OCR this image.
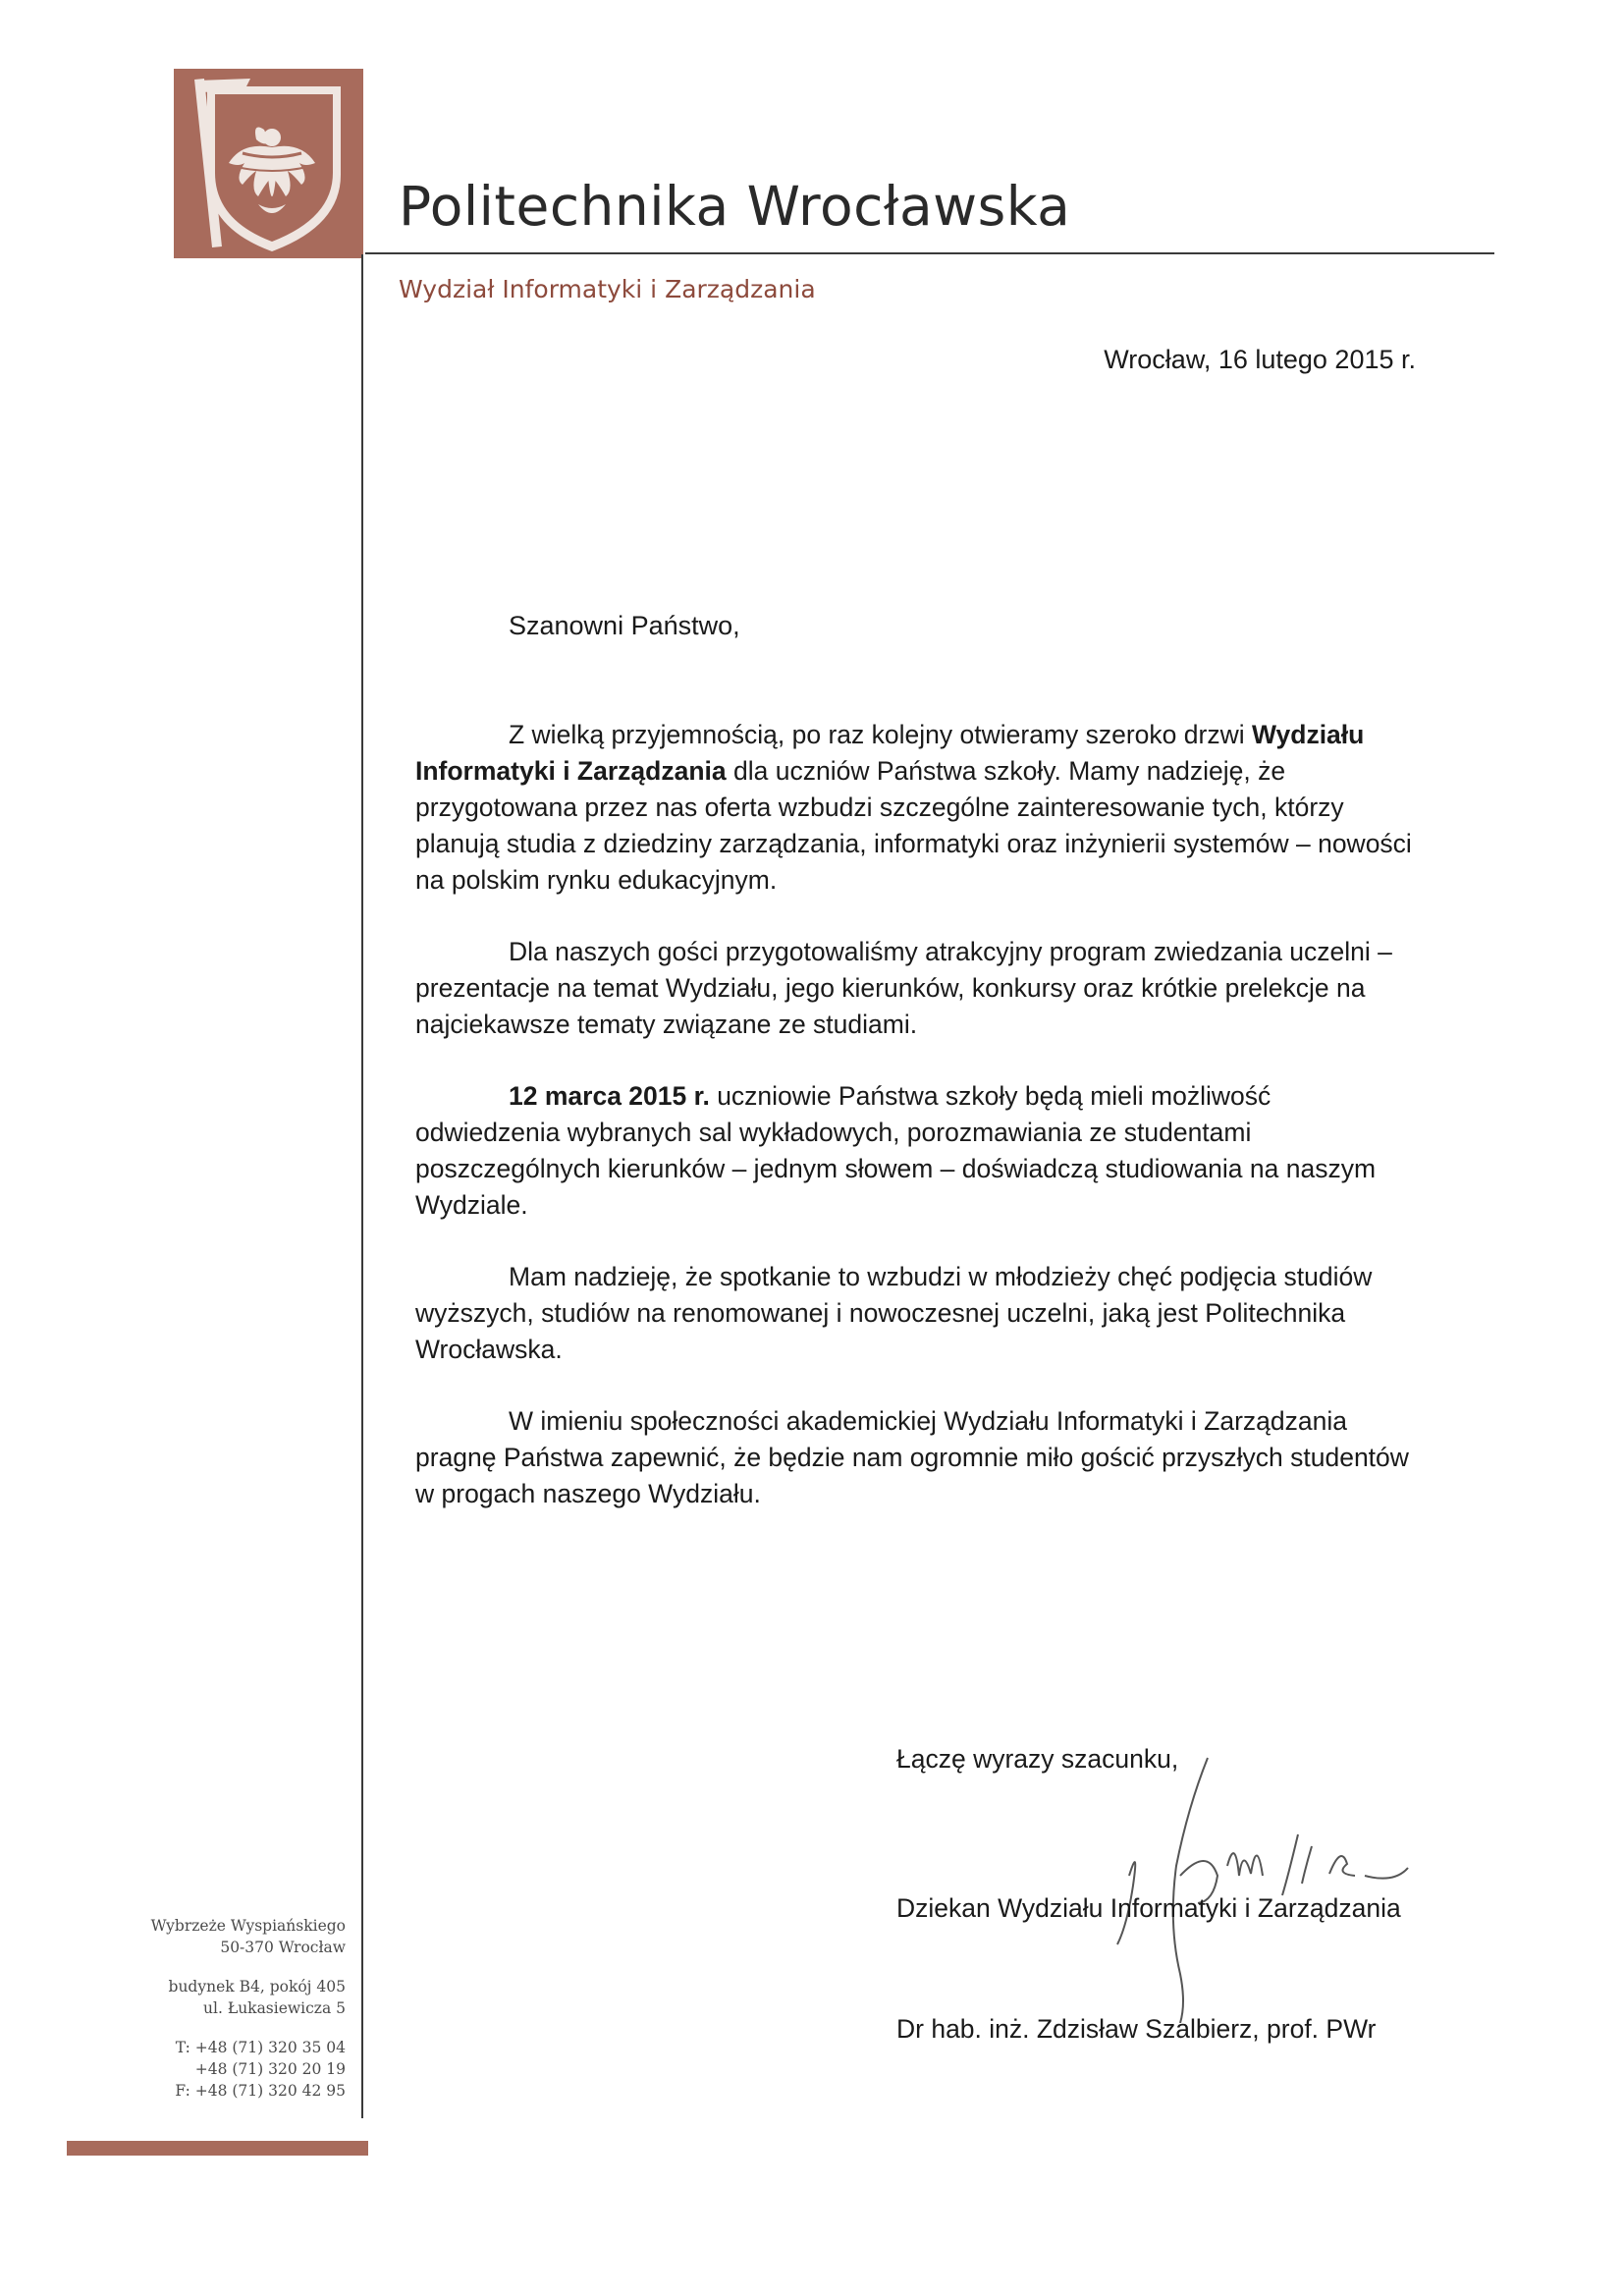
Politechnika Wrocławska
Wydział Informatyki i Zarządzania
Wrocław, 16 lutego 2015 r.
Szanowni Państwo,

Z wielką przyjemnością, po raz kolejny otwieramy szeroko drzwi Wydziału Informatyki i Zarządzania dla uczniów Państwa szkoły. Mamy nadzieję, że przygotowana przez nas oferta wzbudzi szczególne zainteresowanie tych, którzy planują studia z dziedziny zarządzania, informatyki oraz inżynierii systemów – nowości na polskim rynku edukacyjnym.

Dla naszych gości przygotowaliśmy atrakcyjny program zwiedzania uczelni – prezentacje na temat Wydziału, jego kierunków, konkursy oraz krótkie prelekcje na najciekawsze tematy związane ze studiami.

12 marca 2015 r. uczniowie Państwa szkoły będą mieli możliwość odwiedzenia wybranych sal wykładowych, porozmawiania ze studentami poszczególnych kierunków – jednym słowem – doświadczą studiowania na naszym Wydziale.

Mam nadzieję, że spotkanie to wzbudzi w młodzieży chęć podjęcia studiów wyższych, studiów na renomowanej i nowoczesnej uczelni, jaką jest Politechnika Wrocławska.

W imieniu społeczności akademickiej Wydziału Informatyki i Zarządzania pragnę Państwa zapewnić, że będzie nam ogromnie miło gościć przyszłych studentów w progach naszego Wydziału.

Łączę wyrazy szacunku,
Dziekan Wydziału Informatyki i Zarządzania
Dr hab. inż. Zdzisław Szalbierz, prof. PWr
Wybrzeże Wyspiańskiego
50-370 Wrocław
budynek B4, pokój 405
ul. Łukasiewicza 5
T: +48 (71) 320 35 04
+48 (71) 320 20 19
F: +48 (71) 320 42 95
